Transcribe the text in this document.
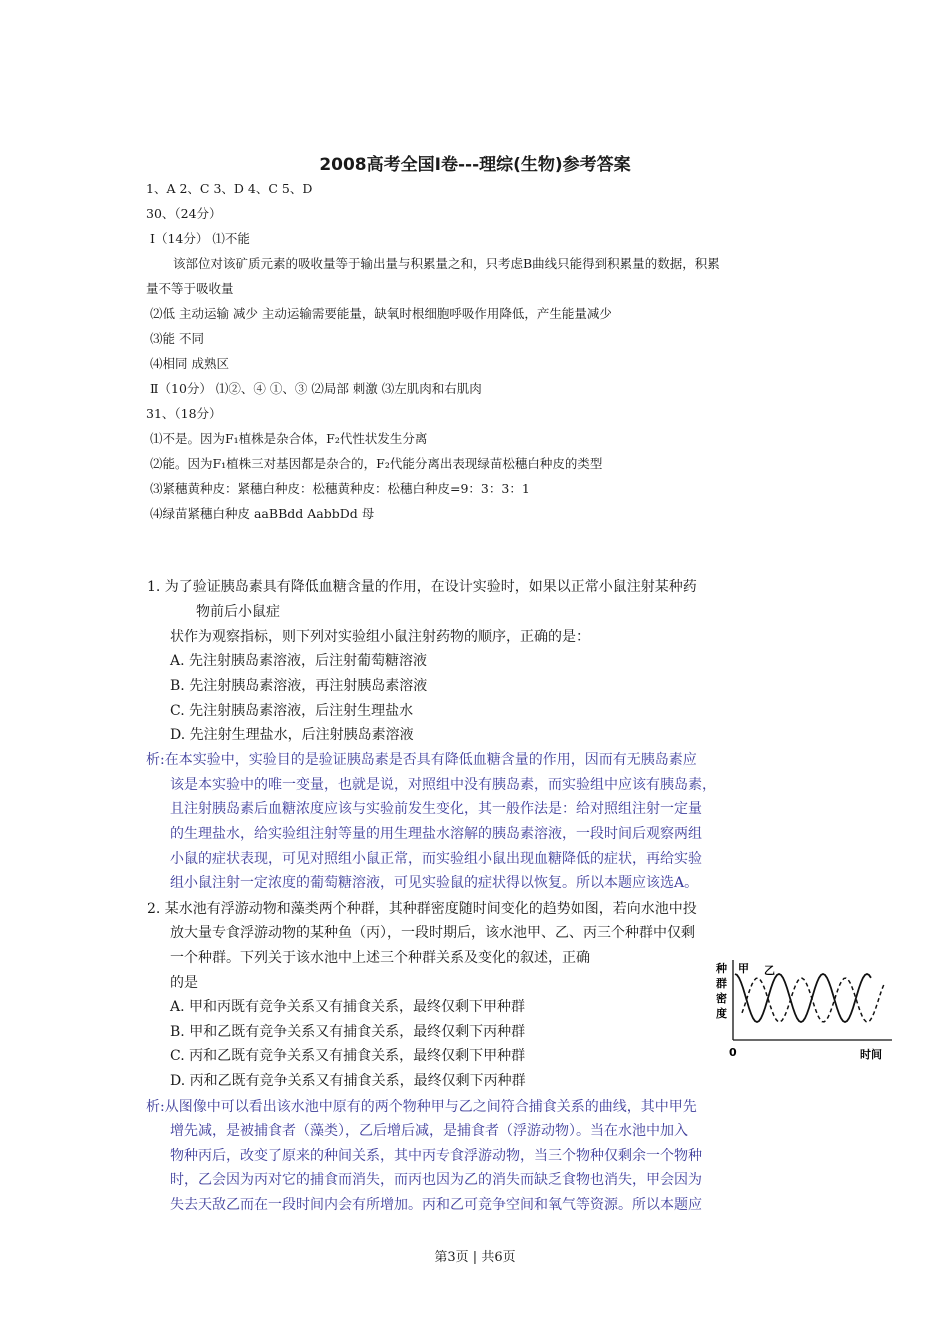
2008高考全国Ⅰ卷---理综(生物)参考答案
1、A 2、C 3、D 4、C 5、D
30、（24分）
Ⅰ（14分） ⑴不能
该部位对该矿质元素的吸收量等于输出量与积累量之和，只考虑B曲线只能得到积累量的数据，积累
量不等于吸收量
⑵低 主动运输 减少 主动运输需要能量，缺氧时根细胞呼吸作用降低，产生能量减少
⑶能 不同
⑷相同 成熟区
Ⅱ（10分） ⑴②、④ ①、③ ⑵局部 刺激 ⑶左肌肉和右肌肉
31、（18分）
⑴不是。因为F₁植株是杂合体，F₂代性状发生分离
⑵能。因为F₁植株三对基因都是杂合的，F₂代能分离出表现绿苗松穗白种皮的类型
⑶紧穗黄种皮：紧穗白种皮：松穗黄种皮：松穗白种皮=9：3：3：1
⑷绿苗紧穗白种皮 aaBBdd AabbDd 母
1. 为了验证胰岛素具有降低血糖含量的作用，在设计实验时，如果以正常小鼠注射某种药
物前后小鼠症
状作为观察指标，则下列对实验组小鼠注射药物的顺序，正确的是：
A. 先注射胰岛素溶液，后注射葡萄糖溶液
B. 先注射胰岛素溶液，再注射胰岛素溶液
C. 先注射胰岛素溶液，后注射生理盐水
D. 先注射生理盐水，后注射胰岛素溶液
析:在本实验中，实验目的是验证胰岛素是否具有降低血糖含量的作用，因而有无胰岛素应
该是本实验中的唯一变量，也就是说，对照组中没有胰岛素，而实验组中应该有胰岛素，
且注射胰岛素后血糖浓度应该与实验前发生变化，其一般作法是：给对照组注射一定量
的生理盐水，给实验组注射等量的用生理盐水溶解的胰岛素溶液，一段时间后观察两组
小鼠的症状表现，可见对照组小鼠正常，而实验组小鼠出现血糖降低的症状，再给实验
组小鼠注射一定浓度的葡萄糖溶液，可见实验鼠的症状得以恢复。所以本题应该选A。
2. 某水池有浮游动物和藻类两个种群，其种群密度随时间变化的趋势如图，若向水池中投
放大量专食浮游动物的某种鱼（丙），一段时期后，该水池甲、乙、丙三个种群中仅剩
一个种群。下列关于该水池中上述三个种群关系及变化的叙述，正确
的是
A. 甲和丙既有竞争关系又有捕食关系，最终仅剩下甲种群
B. 甲和乙既有竞争关系又有捕食关系，最终仅剩下丙种群
C. 丙和乙既有竞争关系又有捕食关系，最终仅剩下甲种群
D. 丙和乙既有竞争关系又有捕食关系，最终仅剩下丙种群
析:从图像中可以看出该水池中原有的两个物种甲与乙之间符合捕食关系的曲线，其中甲先
增先减，是被捕食者（藻类），乙后增后减，是捕食者（浮游动物）。当在水池中加入
物种丙后，改变了原来的种间关系，其中丙专食浮游动物，当三个物种仅剩余一个物种
时，乙会因为丙对它的捕食而消失，而丙也因为乙的消失而缺乏食物也消失，甲会因为
失去天敌乙而在一段时间内会有所增加。丙和乙可竞争空间和氧气等资源。所以本题应
种
群
密
度
0	时间
甲 乙
第3页 | 共6页
